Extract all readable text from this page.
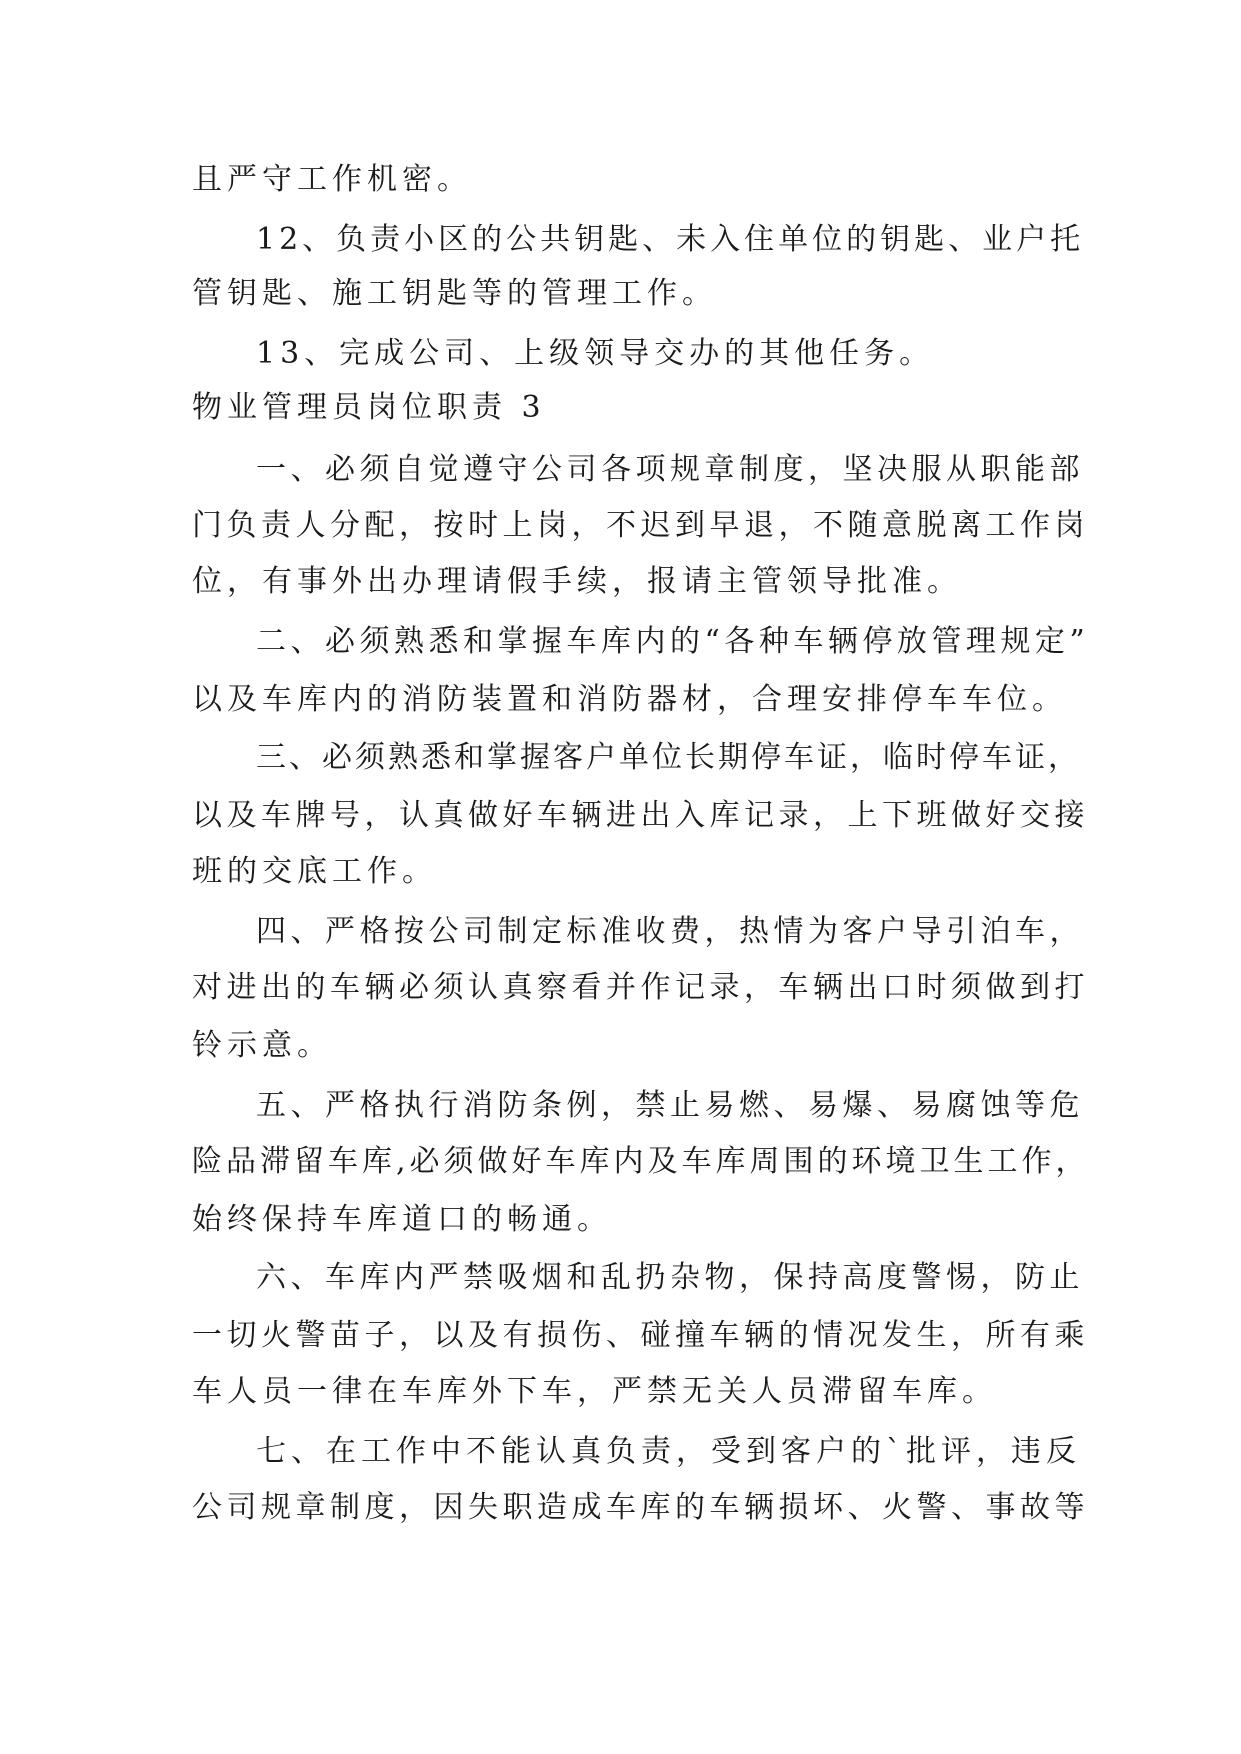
且严守工作机密。
12、负责小区的公共钥匙、未入住单位的钥匙、业户托
管钥匙、施工钥匙等的管理工作。
13、完成公司、上级领导交办的其他任务。
物业管理员岗位职责 3
一、必须自觉遵守公司各项规章制度，坚决服从职能部
门负责人分配，按时上岗，不迟到早退，不随意脱离工作岗
位，有事外出办理请假手续，报请主管领导批准。
二、必须熟悉和掌握车库内的“各种车辆停放管理规定”
以及车库内的消防装置和消防器材，合理安排停车车位。
三、必须熟悉和掌握客户单位长期停车证，临时停车证，
以及车牌号，认真做好车辆进出入库记录，上下班做好交接
班的交底工作。
四、严格按公司制定标准收费，热情为客户导引泊车，
对进出的车辆必须认真察看并作记录，车辆出口时须做到打
铃示意。
五、严格执行消防条例，禁止易燃、易爆、易腐蚀等危
险品滞留车库,必须做好车库内及车库周围的环境卫生工作，
始终保持车库道口的畅通。
六、车库内严禁吸烟和乱扔杂物，保持高度警惕，防止
一切火警苗子，以及有损伤、碰撞车辆的情况发生，所有乘
车人员一律在车库外下车，严禁无关人员滞留车库。
七、在工作中不能认真负责，受到客户的`批评，违反
公司规章制度，因失职造成车库的车辆损坏、火警、事故等
